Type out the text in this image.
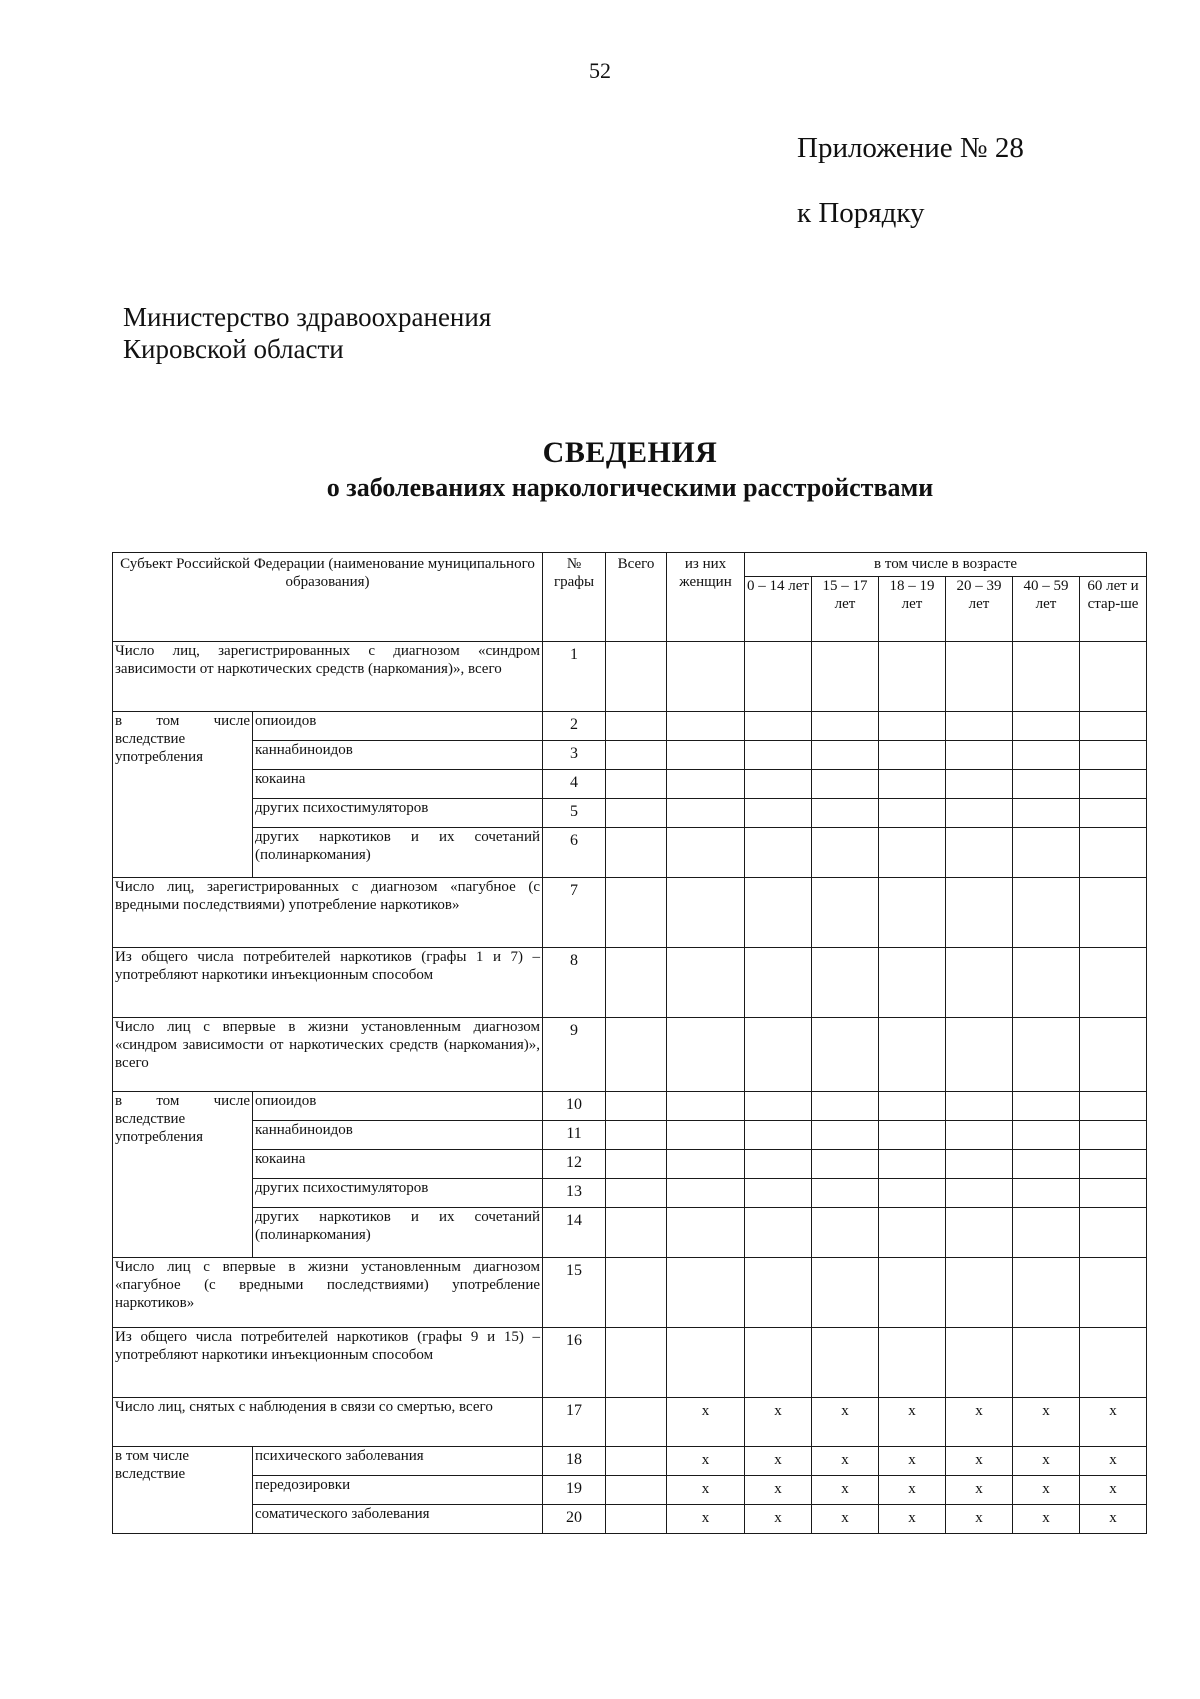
52
Приложение № 28
к Порядку
Министерство здравоохранения
Кировской области
СВЕДЕНИЯ
о заболеваниях наркологическими расстройствами
Субъект Российской Федерации (наименование муниципального образования)		№ графы	Всего	из них женщин	в том числе в возрасте					
					0 – 14 лет	15 – 17 лет	18 – 19 лет	20 – 39 лет	40 – 59 лет	60 лет и стар-ше
Число лиц, зарегистрированных с диагнозом «синдром зависимости от наркотических средств (наркомания)», всего		1								
в том числе вследствие употребления	опиоидов	2								
	каннабиноидов	3								
	кокаина	4								
	других психостимуляторов	5								
	других наркотиков и их сочетаний (полинаркомания)	6								
Число лиц, зарегистрированных с диагнозом «пагубное (с вредными последствиями) употребление наркотиков»		7								
Из общего числа потребителей наркотиков (графы 1 и 7) – употребляют наркотики инъекционным способом		8								
Число лиц с впервые в жизни установленным диагнозом «синдром зависимости от наркотических средств (наркомания)», всего		9								
в том числе вследствие употребления	опиоидов	10								
	каннабиноидов	11								
	кокаина	12								
	других психостимуляторов	13								
	других наркотиков и их сочетаний (полинаркомания)	14								
Число лиц с впервые в жизни установленным диагнозом «пагубное (с вредными последствиями) употребление наркотиков»		15								
Из общего числа потребителей наркотиков (графы 9 и 15) – употребляют наркотики инъекционным способом		16								
Число лиц, снятых с наблюдения в связи со смертью, всего		17		х	х	х	х	х	х	х
в том числе вследствие	психического заболевания	18		х	х	х	х	х	х	х
	передозировки	19		х	х	х	х	х	х	х
	соматического заболевания	20		х	х	х	х	х	х	х
